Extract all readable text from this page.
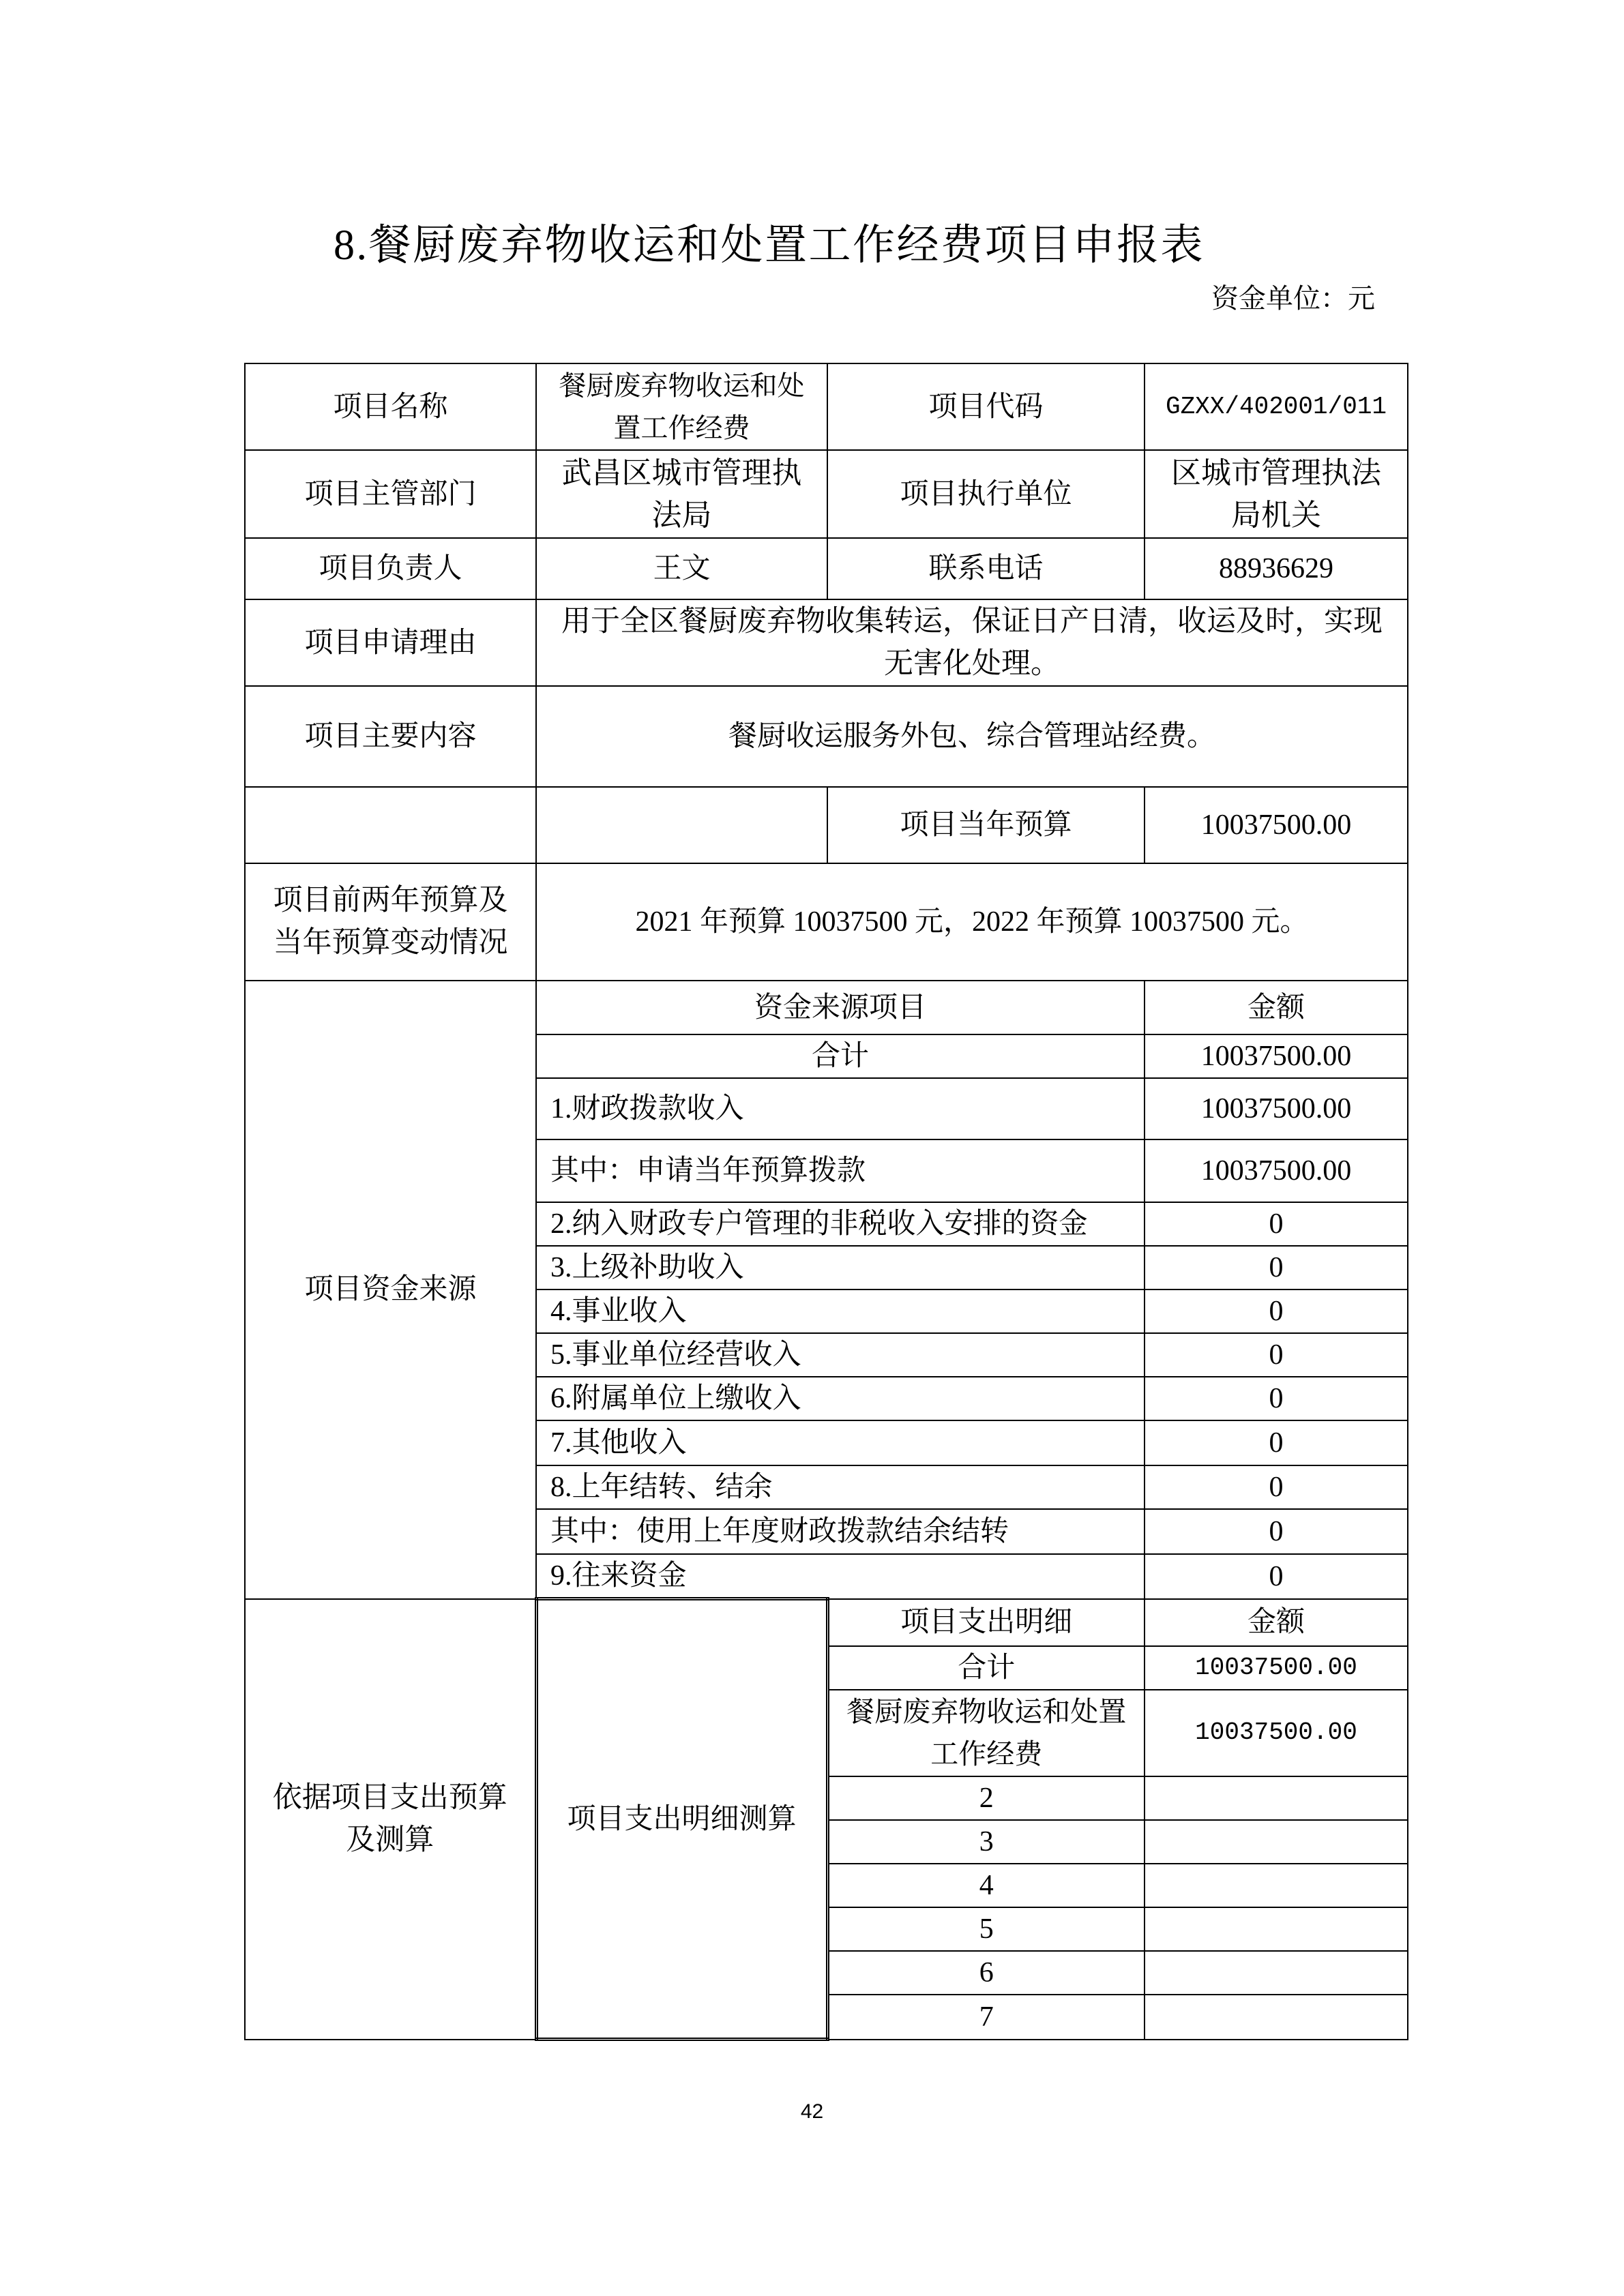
8.餐厨废弃物收运和处置工作经费项目申报表
资金单位：元
项目名称	餐厨废弃物收运和处置工作经费	项目代码	GZXX/402001/011
项目主管部门	武昌区城市管理执法局	项目执行单位	区城市管理执法局机关
项目负责人	王文	联系电话	88936629
项目申请理由	用于全区餐厨废弃物收集转运，保证日产日清，收运及时，实现无害化处理。		
项目主要内容	餐厨收运服务外包、综合管理站经费。		
		项目当年预算	10037500.00
项目前两年预算及当年预算变动情况	2021 年预算 10037500 元，2022 年预算 10037500 元。		
项目资金来源	资金来源项目		金额
	合计		10037500.00
	1.财政拨款收入		10037500.00
	其中：申请当年预算拨款		10037500.00
	2.纳入财政专户管理的非税收入安排的资金		0
	3.上级补助收入		0
	4.事业收入		0
	5.事业单位经营收入		0
	6.附属单位上缴收入		0
	7.其他收入		0
	8.上年结转、结余		0
	其中：使用上年度财政拨款结余结转		0
	9.往来资金		0
依据项目支出预算及测算	项目支出明细测算	项目支出明细	金额
		合计	10037500.00
		餐厨废弃物收运和处置工作经费	10037500.00
		2	
		3	
		4	
		5	
		6	
		7	
42
